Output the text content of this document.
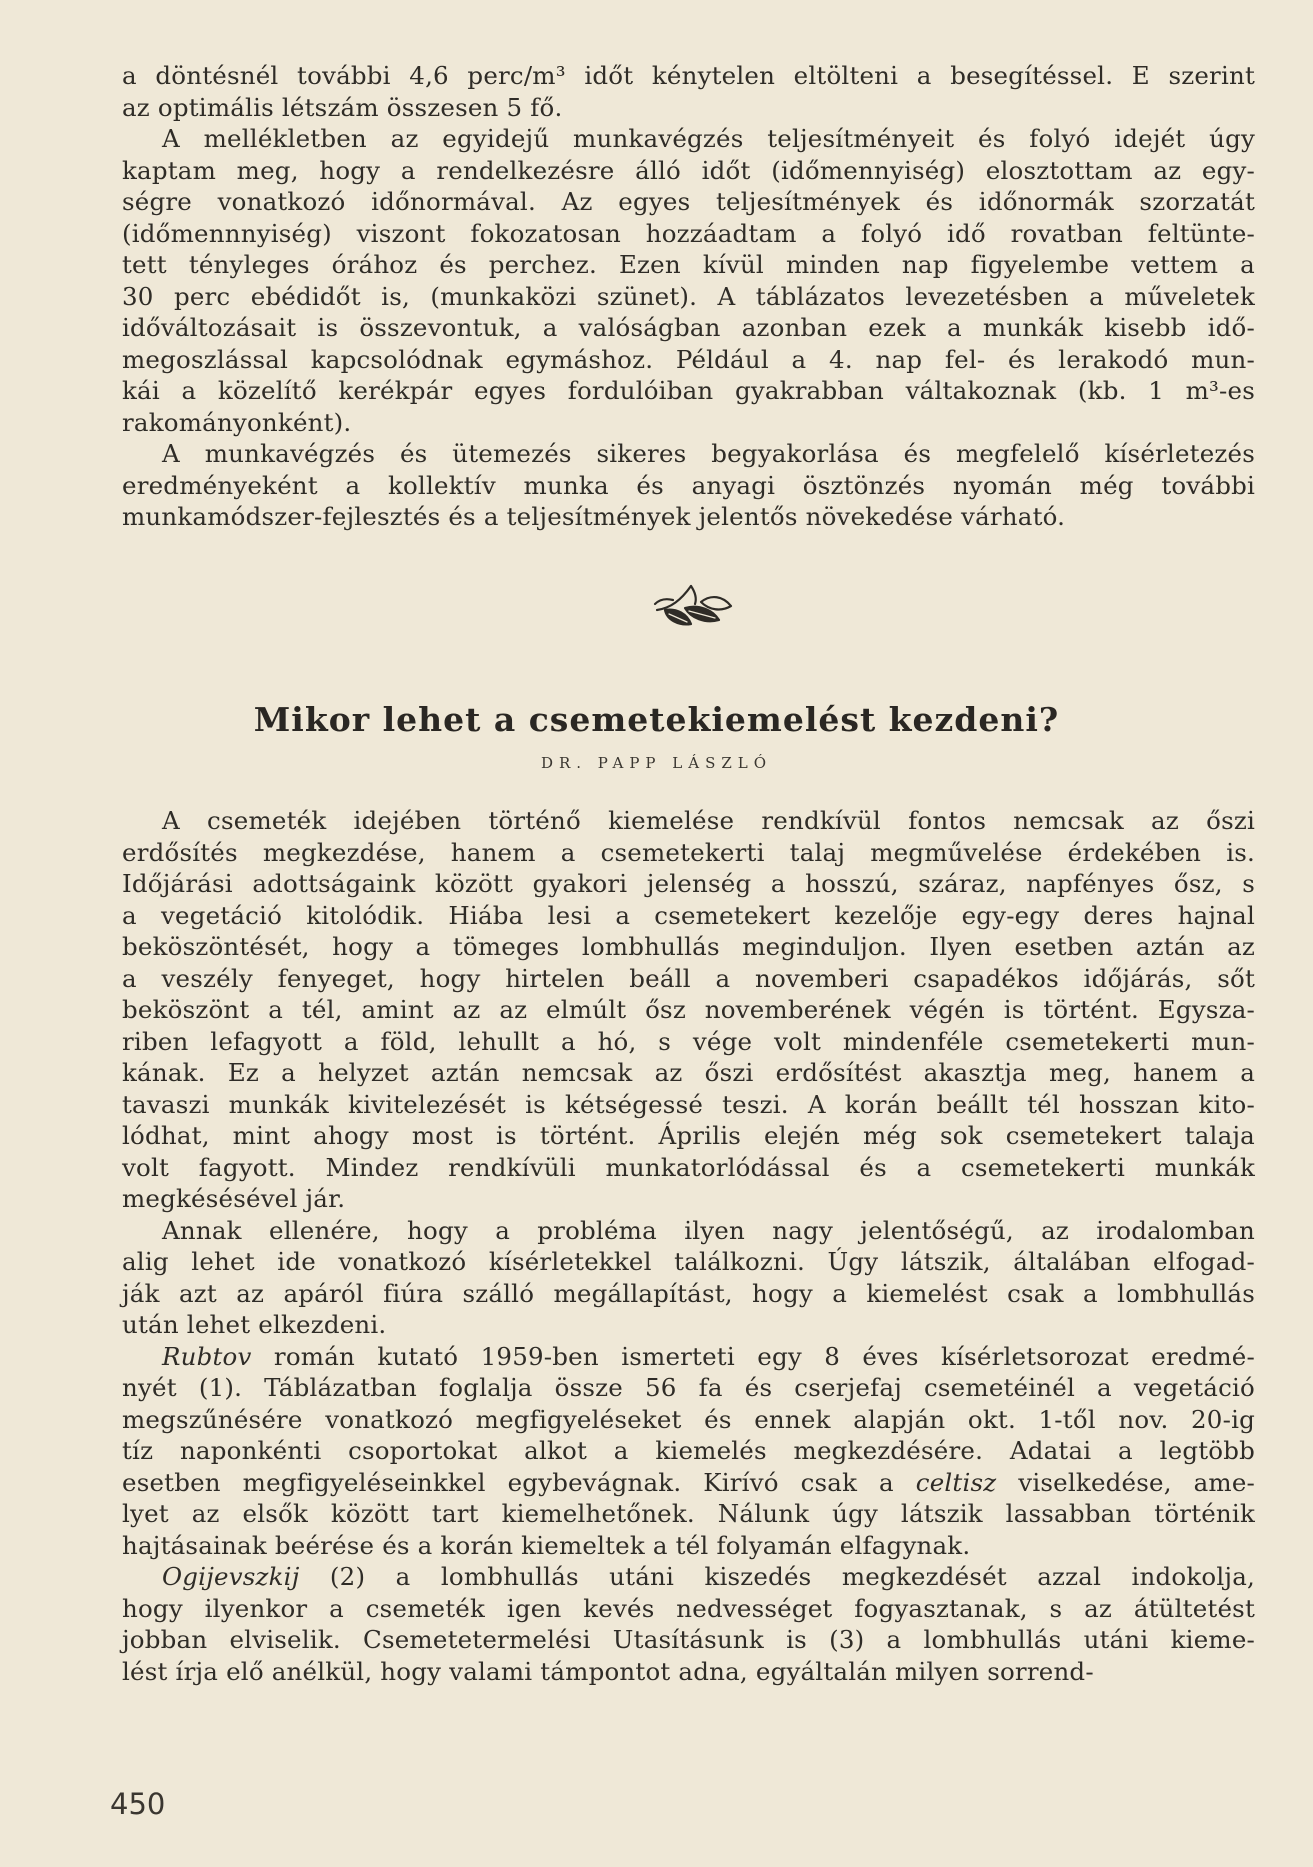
a döntésnél további 4,6 perc/m³ időt kénytelen eltölteni a besegítéssel. E szerint
az optimális létszám összesen 5 fő.

A mellékletben az egyidejű munkavégzés teljesítményeit és folyó idejét úgy
kaptam meg, hogy a rendelkezésre álló időt (időmennyiség) elosztottam az egy-
ségre vonatkozó időnormával. Az egyes teljesítmények és időnormák szorzatát
(időmennnyiség) viszont fokozatosan hozzáadtam a folyó idő rovatban feltünte-
tett tényleges órához és perchez. Ezen kívül minden nap figyelembe vettem a
30 perc ebédidőt is, (munkaközi szünet). A táblázatos levezetésben a műveletek
időváltozásait is összevontuk, a valóságban azonban ezek a munkák kisebb idő-
megoszlással kapcsolódnak egymáshoz. Például a 4. nap fel- és lerakodó mun-
kái a közelítő kerékpár egyes fordulóiban gyakrabban váltakoznak (kb. 1 m³-es
rakományonként).

A munkavégzés és ütemezés sikeres begyakorlása és megfelelő kísérletezés
eredményeként a kollektív munka és anyagi ösztönzés nyomán még további
munkamódszer-fejlesztés és a teljesítmények jelentős növekedése várható.

Mikor lehet a csemetekiemelést kezdeni?
DR. PAPP LÁSZLÓ

A csemeték idejében történő kiemelése rendkívül fontos nemcsak az őszi
erdősítés megkezdése, hanem a csemetekerti talaj megművelése érdekében is.
Időjárási adottságaink között gyakori jelenség a hosszú, száraz, napfényes ősz, s
a vegetáció kitolódik. Hiába lesi a csemetekert kezelője egy-egy deres hajnal
beköszöntését, hogy a tömeges lombhullás meginduljon. Ilyen esetben aztán az
a veszély fenyeget, hogy hirtelen beáll a novemberi csapadékos időjárás, sőt
beköszönt a tél, amint az az elmúlt ősz novemberének végén is történt. Egysza-
riben lefagyott a föld, lehullt a hó, s vége volt mindenféle csemetekerti mun-
kának. Ez a helyzet aztán nemcsak az őszi erdősítést akasztja meg, hanem a
tavaszi munkák kivitelezését is kétségessé teszi. A korán beállt tél hosszan kito-
lódhat, mint ahogy most is történt. Április elején még sok csemetekert talaja
volt fagyott. Mindez rendkívüli munkatorlódással és a csemetekerti munkák
megkésésével jár.

Annak ellenére, hogy a probléma ilyen nagy jelentőségű, az irodalomban
alig lehet ide vonatkozó kísérletekkel találkozni. Úgy látszik, általában elfogad-
ják azt az apáról fiúra szálló megállapítást, hogy a kiemelést csak a lombhullás
után lehet elkezdeni.

Rubtov román kutató 1959-ben ismerteti egy 8 éves kísérletsorozat eredmé-
nyét (1). Táblázatban foglalja össze 56 fa és cserjefaj csemetéinél a vegetáció
megszűnésére vonatkozó megfigyeléseket és ennek alapján okt. 1-től nov. 20-ig
tíz naponkénti csoportokat alkot a kiemelés megkezdésére. Adatai a legtöbb
esetben megfigyeléseinkkel egybevágnak. Kirívó csak a celtisz viselkedése, ame-
lyet az elsők között tart kiemelhetőnek. Nálunk úgy látszik lassabban történik
hajtásainak beérése és a korán kiemeltek a tél folyamán elfagynak.

Ogijevszkij (2) a lombhullás utáni kiszedés megkezdését azzal indokolja,
hogy ilyenkor a csemeték igen kevés nedvességet fogyasztanak, s az átültetést
jobban elviselik. Csemetetermelési Utasításunk is (3) a lombhullás utáni kieme-
lést írja elő anélkül, hogy valami támpontot adna, egyáltalán milyen sorrend-

450
